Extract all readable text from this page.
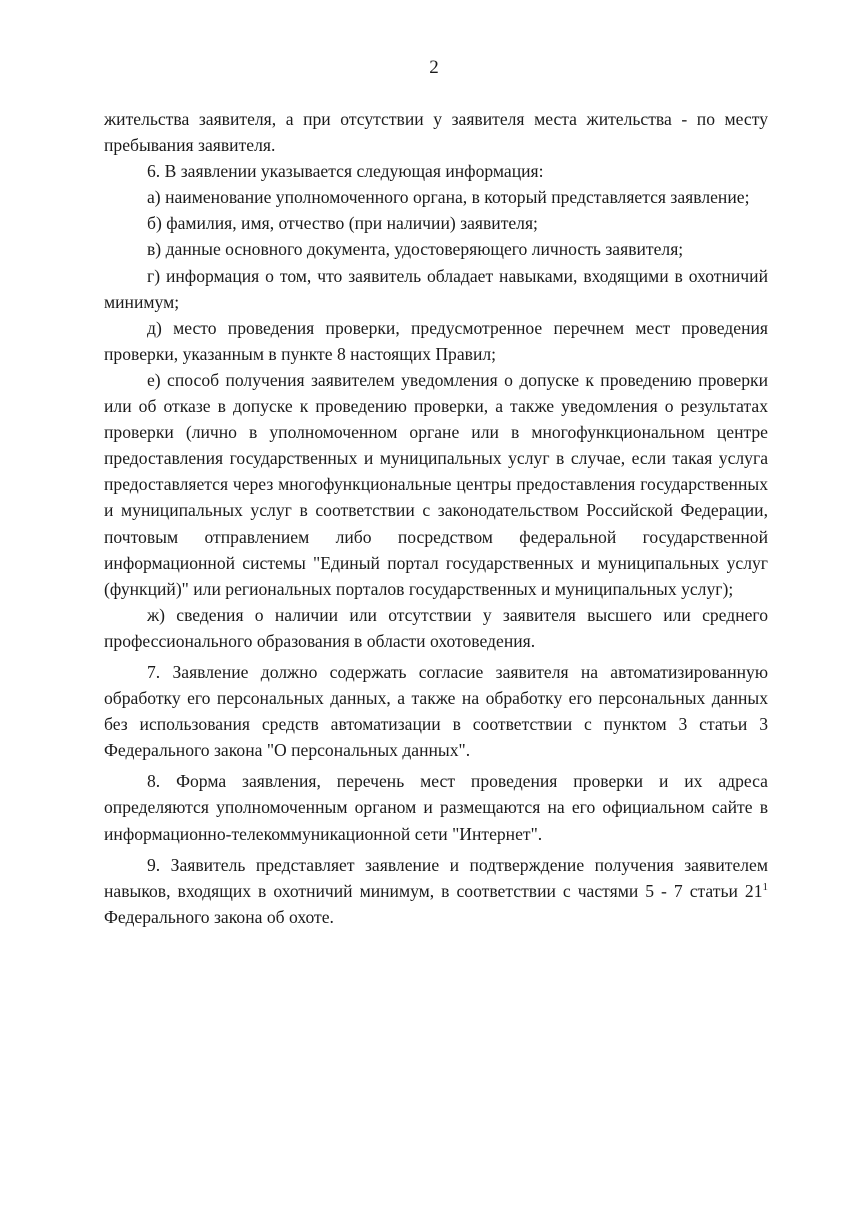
2

жительства заявителя, а при отсутствии у заявителя места жительства - по месту пребывания заявителя.

6. В заявлении указывается следующая информация:

а) наименование уполномоченного органа, в который представляется заявление;

б) фамилия, имя, отчество (при наличии) заявителя;

в) данные основного документа, удостоверяющего личность заявителя;

г) информация о том, что заявитель обладает навыками, входящими в охотничий минимум;

д) место проведения проверки, предусмотренное перечнем мест проведения проверки, указанным в пункте 8 настоящих Правил;

е) способ получения заявителем уведомления о допуске к проведению проверки или об отказе в допуске к проведению проверки, а также уведомления о результатах проверки (лично в уполномоченном органе или в многофункциональном центре предоставления государственных и муниципальных услуг в случае, если такая услуга предоставляется через многофункциональные центры предоставления государственных и муниципальных услуг в соответствии с законодательством Российской Федерации, почтовым отправлением либо посредством федеральной государственной информационной системы "Единый портал государственных и муниципальных услуг (функций)" или региональных порталов государственных и муниципальных услуг);

ж) сведения о наличии или отсутствии у заявителя высшего или среднего профессионального образования в области охотоведения.

7. Заявление должно содержать согласие заявителя на автоматизированную обработку его персональных данных, а также на обработку его персональных данных без использования средств автоматизации в соответствии с пунктом 3 статьи 3 Федерального закона "О персональных данных".

8. Форма заявления, перечень мест проведения проверки и их адреса определяются уполномоченным органом и размещаются на его официальном сайте в информационно-телекоммуникационной сети "Интернет".

9. Заявитель представляет заявление и подтверждение получения заявителем навыков, входящих в охотничий минимум, в соответствии с частями 5 - 7 статьи $21^1$ Федерального закона об охоте.
